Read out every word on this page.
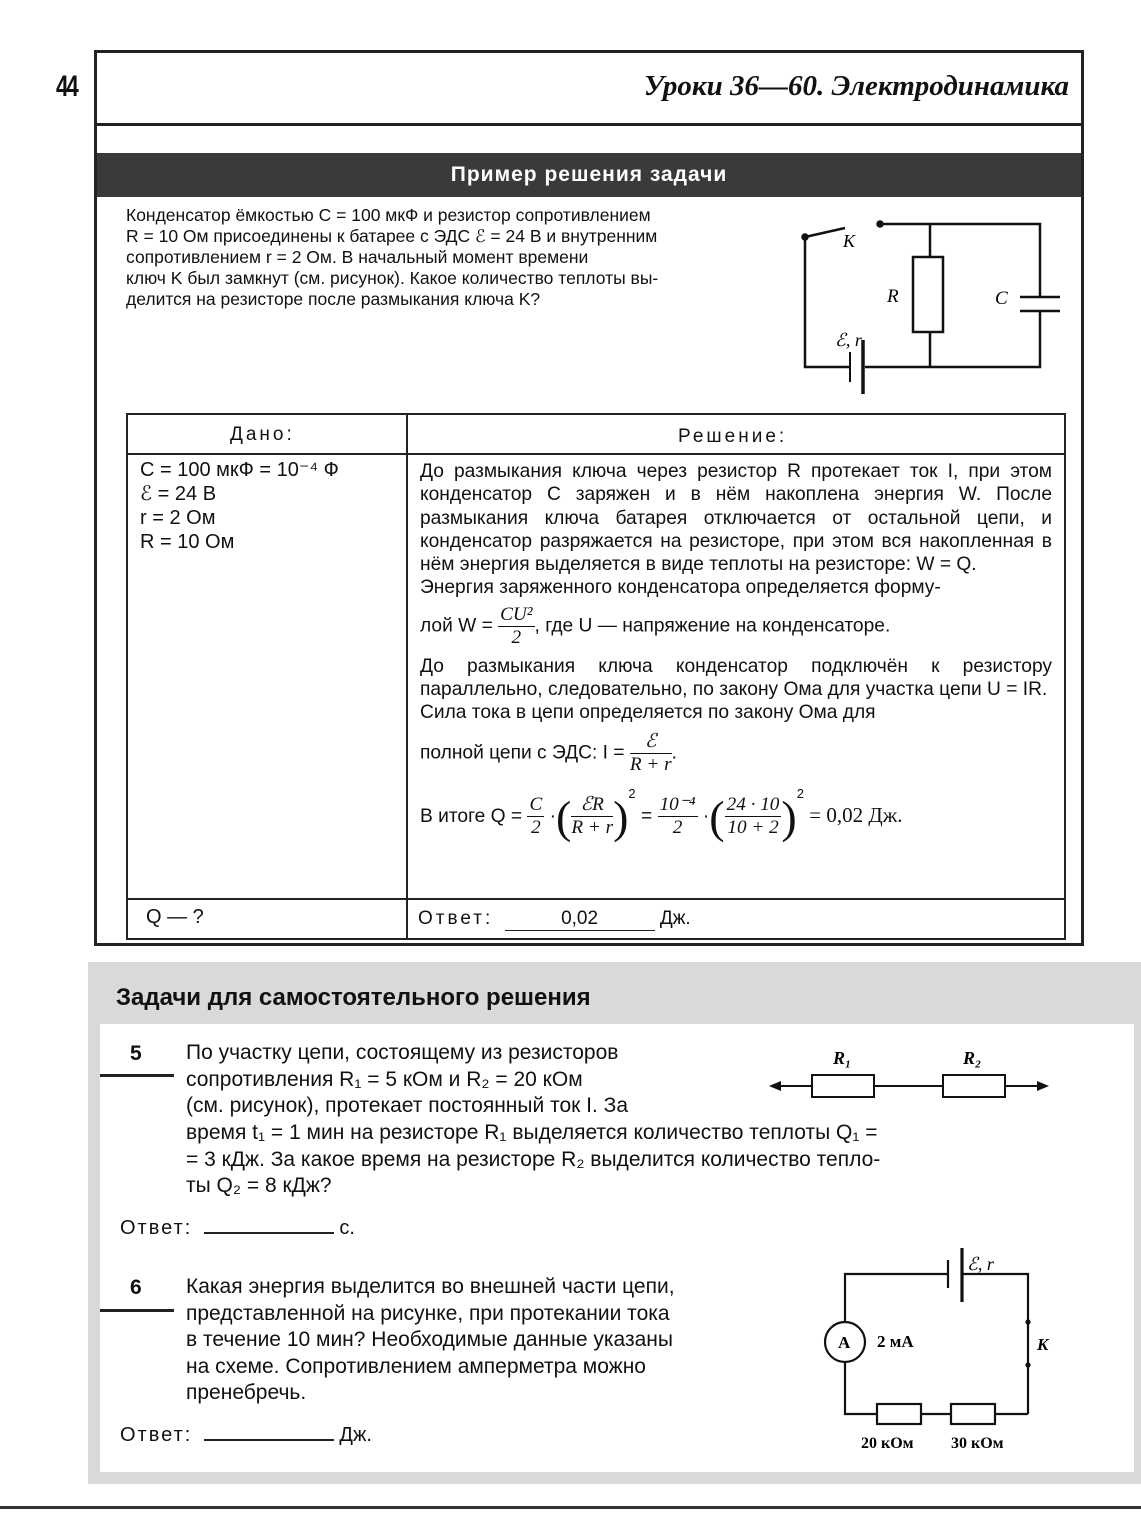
44	Уроки 36—60. Электродинамика
Пример решения задачи
Конденсатор ёмкостью C = 100 мкФ и резистор сопротивлением
R = 10 Ом присоединены к батарее с ЭДС ℰ = 24 В и внутренним
сопротивлением r = 2 Ом. В начальный момент времени
ключ K был замкнут (см. рисунок). Какое количество теплоты вы-
делится на резисторе после размыкания ключа K?
K
R	C
ℰ, r
Дано:	Решение:
C = 100 мкФ = 10⁻⁴ Ф
ℰ = 24 В
r = 2 Ом
R = 10 Ом

До размыкания ключа через резистор R протекает ток I, при этом конденсатор C заряжен и в нём накоплена энергия W. После размыкания ключа батарея отключается от остальной цепи, и конденсатор разряжается на резисторе, при этом вся накопленная в нём энергия выделяется в виде теплоты на резисторе: W = Q.

Энергия заряженного конденсатора определяется форму-

лой $W = \frac{\text{CU²}}{2}$ , где U — напряжение на конденсаторе.

До размыкания ключа конденсатор подключён к резистору параллельно, следовательно, по закону Ома для участка цепи U = IR.

Сила тока в цепи определяется по закону Ома для

полной цепи с ЭДС: $I = \frac{\text{ℰ}}{R + r}$ .
В итоге $Q = \frac{C}{2}$ ·( $\frac{\text{ℰR}}{R + r} )^2 = \frac{\text{10⁻⁴}}{2}$ ·( $\frac{24 \cdot 10}{10 + 2} )^2 = 0,02$ Дж.
Q — ?	Ответ:	0,02	Дж.
Задачи для самостоятельного решения
5 По участку цепи, состоящему из резисторов
сопротивления R₁ = 5 кОм и R₂ = 20 кОм
(см. рисунок), протекает постоянный ток I. За
время t₁ = 1 мин на резисторе R₁ выделяется количество теплоты Q₁ =
= 3 кДж. За какое время на резисторе R₂ выделится количество тепло-
ты Q₂ = 8 кДж?
R₁	R₂
Ответ:	с.
6 Какая энергия выделится во внешней части цепи,
представленной на рисунке, при протекании тока
в течение 10 мин? Необходимые данные указаны
на схеме. Сопротивлением амперметра можно
пренебречь.
Ответ:	Дж.
A 2 мА	K
ℰ, r
20 кОм 30 кОм
